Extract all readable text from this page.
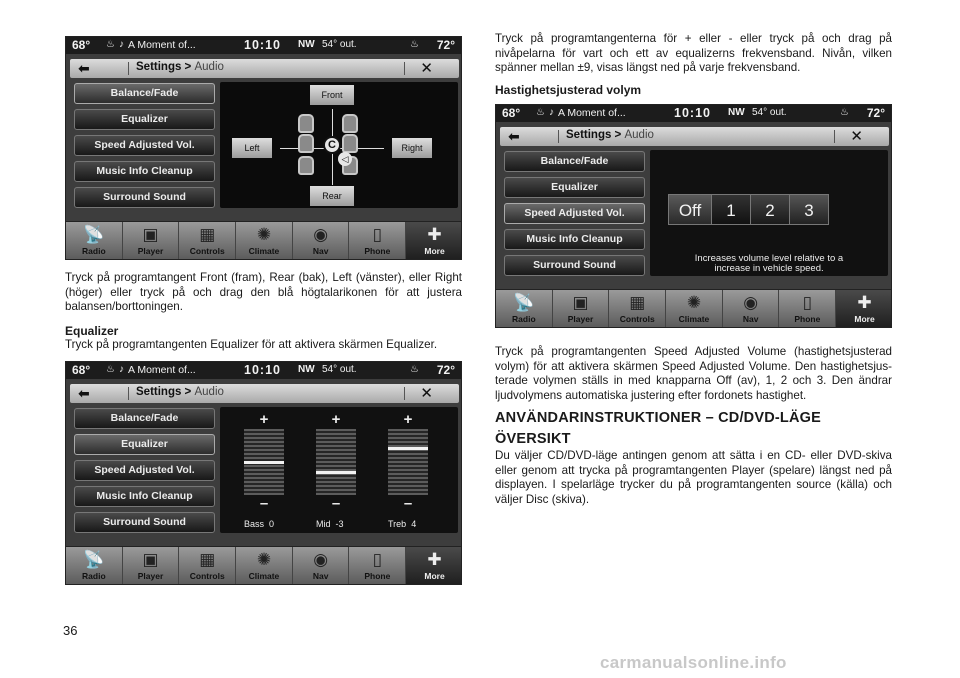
68° ♨ ♪ A Moment of...	10:10 NW 54° out.	♨ 72°
⬅	Settings > Audio	✕
Balance/Fade
Equalizer
Speed Adjusted Vol.
Music Info Cleanup
Surround Sound
Front
Rear
Left	Right
C
◁
📡
Radio
▣
Player
▦
Controls
✺
Climate
◉
Nav
▯
Phone
✚
More
68° ♨ ♪ A Moment of...	10:10 NW 54° out.	♨ 72°
⬅	Settings > Audio	✕
Balance/Fade
Equalizer
Speed Adjusted Vol.
Music Info Cleanup
Surround Sound
+
–
Bass 0
+
–
Mid -3
+
–
Treb 4
📡
Radio
▣
Player
▦
Controls
✺
Climate
◉
Nav
▯
Phone
✚
More
68° ♨ ♪ A Moment of...	10:10 NW 54° out.	♨ 72°
⬅	Settings > Audio	✕
Balance/Fade
Equalizer
Speed Adjusted Vol.
Music Info Cleanup
Surround Sound
Off	1	2	3
Increases volume level relative to a
increase in vehicle speed.
📡
Radio
▣
Player
▦
Controls
✺
Climate
◉
Nav
▯
Phone
✚
More
Tryck på programtangent Front (fram), Rear (bak), Left (vänster), eller Right (höger) eller tryck på och drag den blå högtalarikonen för att justera balansen/borttoningen.
Equalizer
Tryck på programtangenten Equalizer för att aktivera skärmen Equalizer.
Tryck på programtangenterna för + eller - eller tryck på och drag på nivåpelarna för vart och ett av equalizerns frekvensband. Nivån, vilken spänner mellan ±9, visas längst ned på varje frekvensband.
Hastighetsjusterad volym
Tryck på programtangenten Speed Adjusted Volume (hastighetsjusterad volym) för att aktivera skärmen Speed Adjusted Volume. Den hastighetsjus-terade volymen ställs in med knapparna Off (av), 1, 2 och 3. Den ändrar ljudvolymens automatiska justering efter fordonets hastighet.
ANVÄNDARINSTRUKTIONER – CD/DVD-LÄGE
ÖVERSIKT
Du väljer CD/DVD-läge antingen genom att sätta i en CD- eller DVD-skiva eller genom att trycka på programtangenten Player (spelare) längst ned på displayen. I spelarläge trycker du på programtangenten source (källa) och väljer Disc (skiva).
36
carmanualsonline.info
